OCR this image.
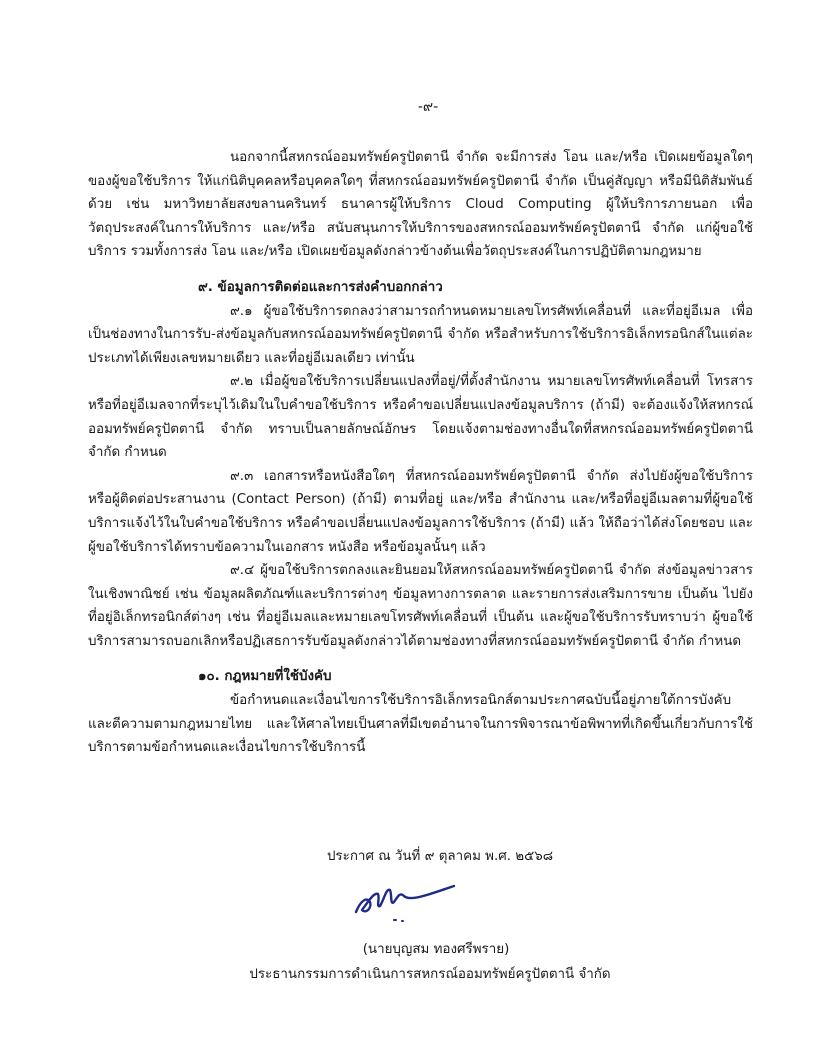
-๙-

นอกจากนี้สหกรณ์ออมทรัพย์ครูปัตตานี จำกัด จะมีการส่ง โอน และ/หรือ เปิดเผยข้อมูลใดๆ ของผู้ขอใช้บริการ ให้แก่นิติบุคคลหรือบุคคลใดๆ ที่สหกรณ์ออมทรัพย์ครูปัตตานี จำกัด เป็นคู่สัญญา หรือมีนิติสัมพันธ์ด้วย เช่น มหาวิทยาลัยสงขลานครินทร์ ธนาคารผู้ให้บริการ Cloud Computing ผู้ให้บริการภายนอก เพื่อวัตถุประสงค์ในการให้บริการ และ/หรือ สนับสนุนการให้บริการของสหกรณ์ออมทรัพย์ครูปัตตานี จำกัด แก่ผู้ขอใช้บริการ รวมทั้งการส่ง โอน และ/หรือ เปิดเผยข้อมูลดังกล่าวข้างต้นเพื่อวัตถุประสงค์ในการปฏิบัติตามกฎหมาย

๙. ข้อมูลการติดต่อและการส่งคำบอกกล่าว

๙.๑ ผู้ขอใช้บริการตกลงว่าสามารถกำหนดหมายเลขโทรศัพท์เคลื่อนที่ และที่อยู่อีเมล เพื่อเป็นช่องทางในการรับ-ส่งข้อมูลกับสหกรณ์ออมทรัพย์ครูปัตตานี จำกัด หรือสำหรับการใช้บริการอิเล็กทรอนิกส์ในแต่ละประเภทได้เพียงเลขหมายเดียว และที่อยู่อีเมลเดียว เท่านั้น

๙.๒ เมื่อผู้ขอใช้บริการเปลี่ยนแปลงที่อยู่/ที่ตั้งสำนักงาน หมายเลขโทรศัพท์เคลื่อนที่ โทรสาร หรือที่อยู่อีเมลจากที่ระบุไว้เดิมในใบคำขอใช้บริการ หรือคำขอเปลี่ยนแปลงข้อมูลบริการ (ถ้ามี) จะต้องแจ้งให้สหกรณ์ออมทรัพย์ครูปัตตานี จำกัด ทราบเป็นลายลักษณ์อักษร โดยแจ้งตามช่องทางอื่นใดที่สหกรณ์ออมทรัพย์ครูปัตตานี จำกัด กำหนด

๙.๓ เอกสารหรือหนังสือใดๆ ที่สหกรณ์ออมทรัพย์ครูปัตตานี จำกัด ส่งไปยังผู้ขอใช้บริการ หรือผู้ติดต่อประสานงาน (Contact Person) (ถ้ามี) ตามที่อยู่ และ/หรือ สำนักงาน และ/หรือที่อยู่อีเมลตามที่ผู้ขอใช้บริการแจ้งไว้ในใบคำขอใช้บริการ หรือคำขอเปลี่ยนแปลงข้อมูลการใช้บริการ (ถ้ามี) แล้ว ให้ถือว่าได้ส่งโดยชอบ และผู้ขอใช้บริการได้ทราบข้อความในเอกสาร หนังสือ หรือข้อมูลนั้นๆ แล้ว

๙.๔ ผู้ขอใช้บริการตกลงและยินยอมให้สหกรณ์ออมทรัพย์ครูปัตตานี จำกัด ส่งข้อมูลข่าวสารในเชิงพาณิชย์ เช่น ข้อมูลผลิตภัณฑ์และบริการต่างๆ ข้อมูลทางการตลาด และรายการส่งเสริมการขาย เป็นต้น ไปยังที่อยู่อิเล็กทรอนิกส์ต่างๆ เช่น ที่อยู่อีเมลและหมายเลขโทรศัพท์เคลื่อนที่ เป็นต้น และผู้ขอใช้บริการรับทราบว่า ผู้ขอใช้บริการสามารถบอกเลิกหรือปฏิเสธการรับข้อมูลดังกล่าวได้ตามช่องทางที่สหกรณ์ออมทรัพย์ครูปัตตานี จำกัด กำหนด

๑๐. กฎหมายที่ใช้บังคับ

ข้อกำหนดและเงื่อนไขการใช้บริการอิเล็กทรอนิกส์ตามประกาศฉบับนี้อยู่ภายใต้การบังคับและตีความตามกฎหมายไทย และให้ศาลไทยเป็นศาลที่มีเขตอำนาจในการพิจารณาข้อพิพาทที่เกิดขึ้นเกี่ยวกับการใช้บริการตามข้อกำหนดและเงื่อนไขการใช้บริการนี้

ประกาศ ณ วันที่ ๙ ตุลาคม พ.ศ. ๒๕๖๘
(นายบุญสม ทองศรีพราย)
ประธานกรรมการดำเนินการสหกรณ์ออมทรัพย์ครูปัตตานี จำกัด
